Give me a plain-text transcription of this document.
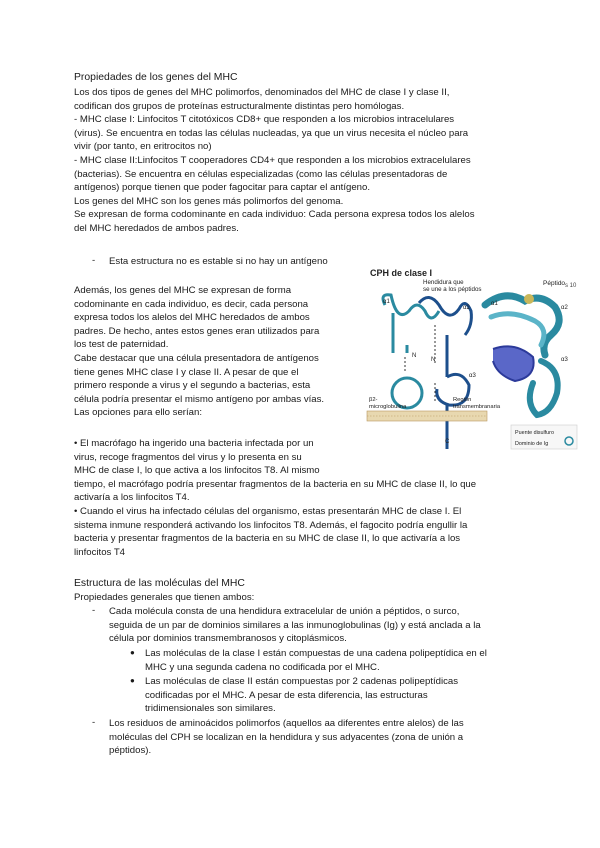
Propiedades de los genes del MHC
Los dos tipos de genes del MHC polimorfos, denominados del MHC de clase I y clase II,
codifican dos grupos de proteínas estructuralmente distintas pero homólogas.
- MHC clase I: Linfocitos T citotóxicos CD8+ que responden a los microbios intracelulares
(virus). Se encuentra en todas las células nucleadas, ya que un virus necesita el núcleo para
vivir (por tanto, en eritrocitos no)
- MHC clase II:Linfocitos T cooperadores CD4+ que responden a los microbios extracelulares
(bacterias). Se encuentra en células especializadas (como las células presentadoras de
antígenos) porque tienen que poder fagocitar para captar el antígeno.
Los genes del MHC son los genes más polimorfos del genoma.
Se expresan de forma codominante en cada individuo: Cada persona expresa todos los alelos
del MHC heredados de ambos padres.
- Esta estructura no es estable si no hay un antígeno
Además, los genes del MHC se expresan de forma
codominante en cada individuo, es decir, cada persona
expresa todos los alelos del MHC heredados de ambos
padres. De hecho, antes estos genes eran utilizados para
los test de paternidad.
Cabe destacar que una célula presentadora de antígenos
tiene genes MHC clase I y clase II. A pesar de que el
primero responde a virus y el segundo a bacterias, esta
célula podría presentar el mismo antígeno por ambas vías.
Las opciones para ello serían:
• El macrófago ha ingerido una bacteria infectada por un
virus, recoge fragmentos del virus y lo presenta en su
MHC de clase I, lo que activa a los linfocitos T8. Al mismo
tiempo, el macrófago podría presentar fragmentos de la bacteria en su MHC de clase II, lo que
activaría a los linfocitos T4.
• Cuando el virus ha infectado células del organismo, estas presentarán MHC de clase I. El
sistema inmune responderá activando los linfocitos T8. Además, el fagocito podría engullir la
bacteria y presentar fragmentos de la bacteria en su MHC de clase II, lo que activaría a los
linfocitos T4
CPH de clase I
Hendidura que
se une a los péptidos
Péptido s 10
α1
α2
α3
N
N
C
β2-
microglobulina
Región
transmembranaria
α1
α2
α3
Puente disulfuro
Dominio de Ig
Estructura de las moléculas del MHC
Propiedades generales que tienen ambos:
- Cada molécula consta de una hendidura extracelular de unión a péptidos, o surco,
seguida de un par de dominios similares a las inmunoglobulinas (Ig) y está anclada a la
célula por dominios transmembranosos y citoplásmicos.
● Las moléculas de la clase I están compuestas de una cadena polipeptídica en el
MHC y una segunda cadena no codificada por el MHC.
● Las moléculas de clase II están compuestas por 2 cadenas polipeptídicas
codificadas por el MHC. A pesar de esta diferencia, las estructuras
tridimensionales son similares.
- Los residuos de aminoácidos polimorfos (aquellos aa diferentes entre alelos) de las
moléculas del CPH se localizan en la hendidura y sus adyacentes (zona de unión a
péptidos).
